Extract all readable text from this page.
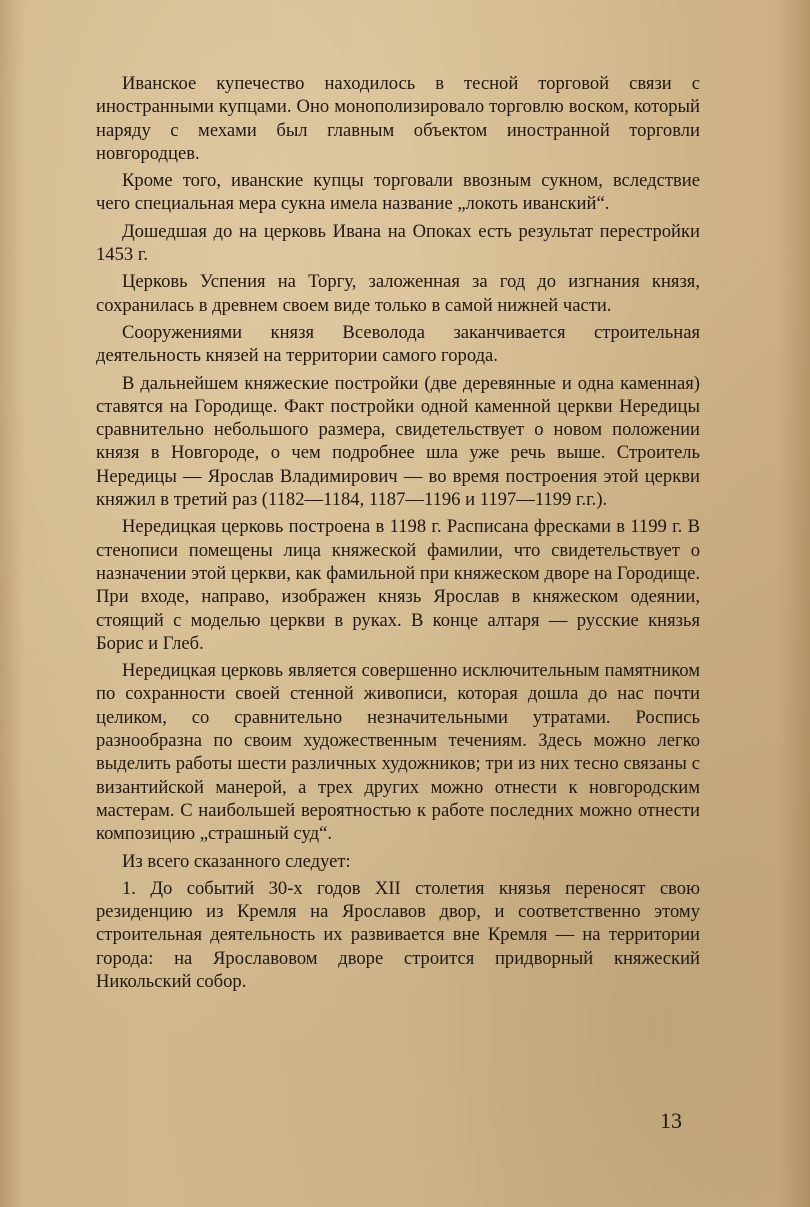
Иванское купечество находилось в тесной торговой связи с иностранными купцами. Оно монополизировало торговлю воском, который наряду с мехами был главным объектом иностранной торговли новгородцев.

Кроме того, иванские купцы торговали ввозным сукном, вследствие чего специальная мера сукна имела название „локоть иванский“.

Дошедшая до на церковь Ивана на Опоках есть результат перестройки 1453 г.

Церковь Успения на Торгу, заложенная за год до изгнания князя, сохранилась в древнем своем виде только в самой нижней части.

Сооружениями князя Всеволода заканчивается строительная деятельность князей на территории самого города.

В дальнейшем княжеские постройки (две деревянные и одна каменная) ставятся на Городище. Факт постройки одной каменной церкви Нередицы сравнительно небольшого размера, свидетельствует о новом положении князя в Новгороде, о чем подробнее шла уже речь выше. Строитель Нередицы — Ярослав Владимирович — во время построения этой церкви княжил в третий раз (1182—1184, 1187—1196 и 1197—1199 г.г.).

Нередицкая церковь построена в 1198 г. Расписана фресками в 1199 г. В стенописи помещены лица княжеской фамилии, что свидетельствует о назначении этой церкви, как фамильной при княжеском дворе на Городище. При входе, направо, изображен князь Ярослав в княжеском одеянии, стоящий с моделью церкви в руках. В конце алтаря — русские князья Борис и Глеб.

Нередицкая церковь является совершенно исключительным памятником по сохранности своей стенной живописи, которая дошла до нас почти целиком, со сравнительно незначительными утратами. Роспись разнообразна по своим художественным течениям. Здесь можно легко выделить работы шести различных художников; три из них тесно связаны с византийской манерой, а трех других можно отнести к новгородским мастерам. С наибольшей вероятностью к работе последних можно отнести композицию „страшный суд“.

Из всего сказанного следует:

1. До событий 30-х годов XII столетия князья переносят свою резиденцию из Кремля на Ярославов двор, и соответственно этому строительная деятельность их развивается вне Кремля — на территории города: на Ярославовом дворе строится придворный княжеский Никольский собор.

13
